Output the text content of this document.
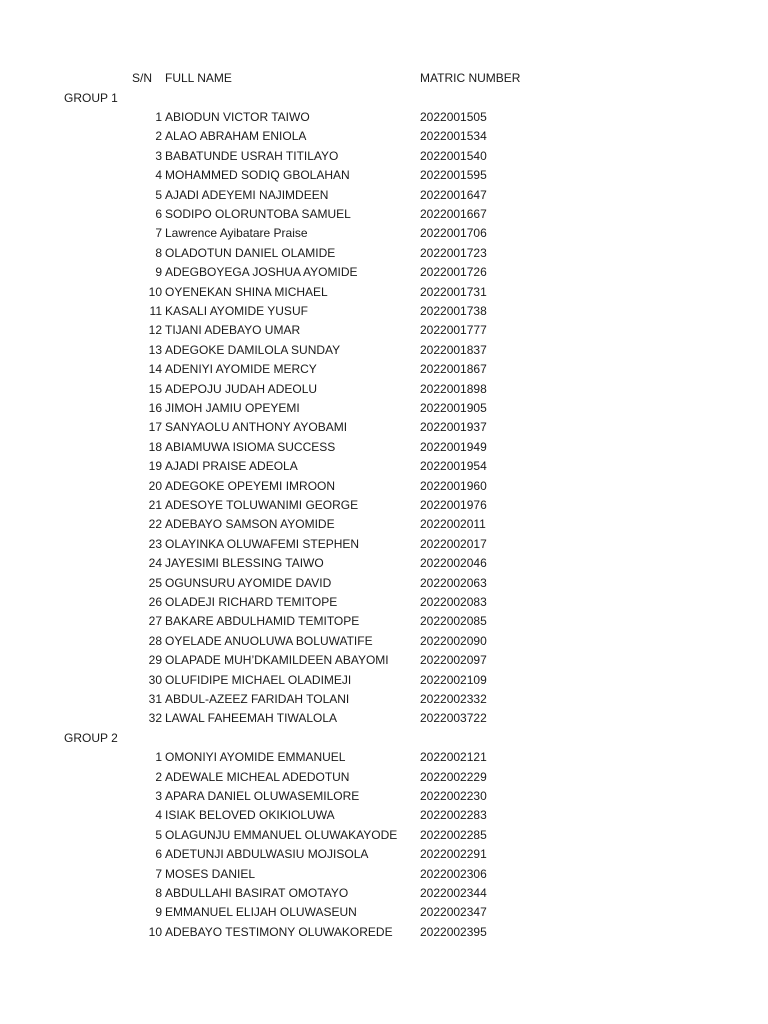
S/N FULL NAME	MATRIC NUMBER
GROUP 1
1 ABIODUN VICTOR TAIWO	2022001505
2 ALAO ABRAHAM ENIOLA	2022001534
3 BABATUNDE USRAH TITILAYO	2022001540
4 MOHAMMED SODIQ GBOLAHAN	2022001595
5 AJADI ADEYEMI NAJIMDEEN	2022001647
6 SODIPO OLORUNTOBA SAMUEL	2022001667
7 Lawrence Ayibatare Praise	2022001706
8 OLADOTUN DANIEL OLAMIDE	2022001723
9 ADEGBOYEGA JOSHUA AYOMIDE	2022001726
10 OYENEKAN SHINA MICHAEL	2022001731
11 KASALI AYOMIDE YUSUF	2022001738
12 TIJANI ADEBAYO UMAR	2022001777
13 ADEGOKE DAMILOLA SUNDAY	2022001837
14 ADENIYI AYOMIDE MERCY	2022001867
15 ADEPOJU JUDAH ADEOLU	2022001898
16 JIMOH JAMIU OPEYEMI	2022001905
17 SANYAOLU ANTHONY AYOBAMI	2022001937
18 ABIAMUWA ISIOMA SUCCESS	2022001949
19 AJADI PRAISE ADEOLA	2022001954
20 ADEGOKE OPEYEMI IMROON	2022001960
21 ADESOYE TOLUWANIMI GEORGE	2022001976
22 ADEBAYO SAMSON AYOMIDE	2022002011
23 OLAYINKA OLUWAFEMI STEPHEN	2022002017
24 JAYESIMI BLESSING TAIWO	2022002046
25 OGUNSURU AYOMIDE DAVID	2022002063
26 OLADEJI RICHARD TEMITOPE	2022002083
27 BAKARE ABDULHAMID TEMITOPE	2022002085
28 OYELADE ANUOLUWA BOLUWATIFE	2022002090
29 OLAPADE MUH’DKAMILDEEN ABAYOMI	2022002097
30 OLUFIDIPE MICHAEL OLADIMEJI	2022002109
31 ABDUL-AZEEZ FARIDAH TOLANI	2022002332
32 LAWAL FAHEEMAH TIWALOLA	2022003722
GROUP 2
1 OMONIYI AYOMIDE EMMANUEL	2022002121
2 ADEWALE MICHEAL ADEDOTUN	2022002229
3 APARA DANIEL OLUWASEMILORE	2022002230
4 ISIAK BELOVED OKIKIOLUWA	2022002283
5 OLAGUNJU EMMANUEL OLUWAKAYODE 2022002285
6 ADETUNJI ABDULWASIU MOJISOLA	2022002291
7 MOSES DANIEL	2022002306
8 ABDULLAHI BASIRAT OMOTAYO	2022002344
9 EMMANUEL ELIJAH OLUWASEUN	2022002347
10 ADEBAYO TESTIMONY OLUWAKOREDE 2022002395
